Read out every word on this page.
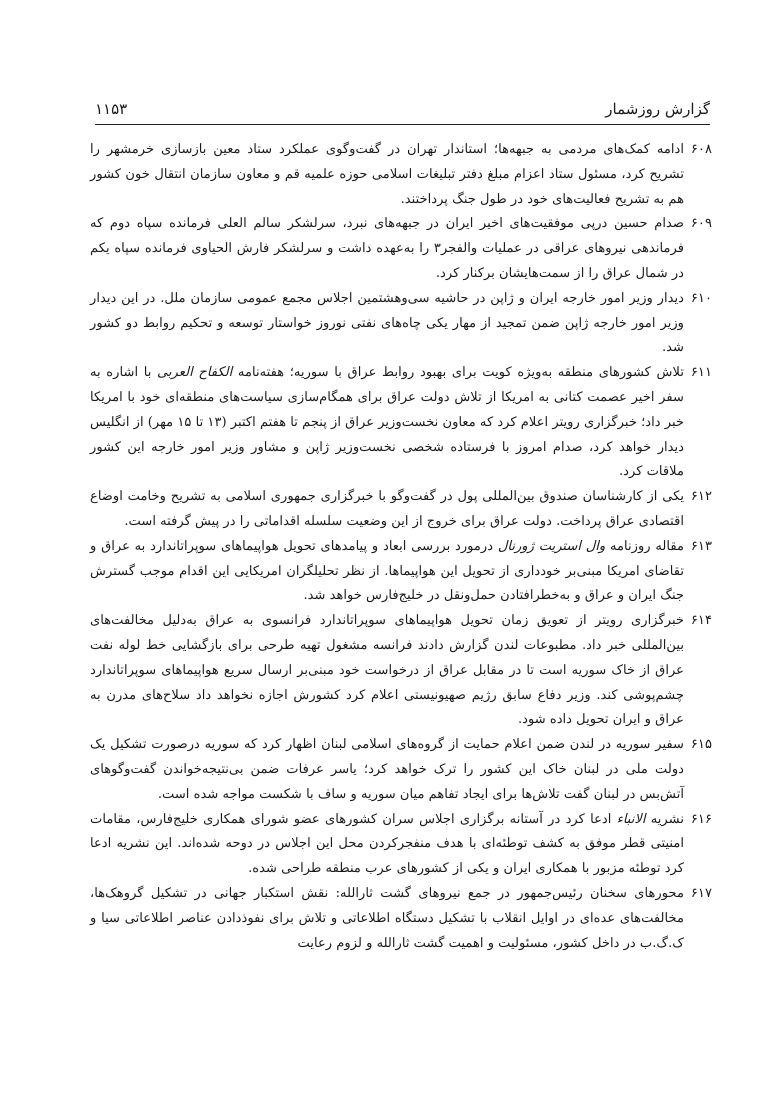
گزارش روزشمار
۱۱۵۳

۶۰۸
ادامه کمک‌های مردمی به جبهه‌ها؛ استاندار تهران در گفت‌وگوی عملکرد ستاد معین بازسازی خرمشهر را تشریح کرد، مسئول ستاد اعزام مبلغ دفتر تبلیغات اسلامی حوزه علمیه قم و معاون سازمان انتقال خون کشور هم به تشریح فعالیت‌های خود در طول جنگ پرداختند.

۶۰۹
صدام حسین درپی موفقیت‌های اخیر ایران در جبهه‌های نبرد، سرلشکر سالم العلی فرمانده سپاه دوم که فرماندهی نیروهای عراقی در عملیات والفجر۳ را به‌عهده داشت و سرلشکر فارش الحیاوی فرمانده سپاه یکم در شمال عراق را از سمت‌هایشان برکنار کرد.

۶۱۰
دیدار وزیر امور خارجه ایران و ژاپن در حاشیه سی‌وهشتمین اجلاس مجمع عمومی سازمان ملل. در این دیدار وزیر امور خارجه ژاپن ضمن تمجید از مهار یکی چاه‌های نفتی نوروز خواستار توسعه و تحکیم روابط دو کشور شد.

۶۱۱
تلاش کشورهای منطقه به‌ویژه کویت برای بهبود روابط عراق با سوریه؛ هفته‌نامه الکفاح العربی با اشاره به سفر اخیر عصمت کتانی به امریکا از تلاش دولت عراق برای همگام‌سازی سیاست‌های منطقه‌ای خود با امریکا خبر داد؛ خبرگزاری رویتر اعلام کرد که معاون نخست‌وزیر عراق از پنجم تا هفتم اکتبر (۱۳ تا ۱۵ مهر) از انگلیس دیدار خواهد کرد، صدام امروز با فرستاده شخصی نخست‌وزیر ژاپن و مشاور وزیر امور خارجه این کشور ملاقات کرد.

۶۱۲
یکی از کارشناسان صندوق بین‌المللی پول در گفت‌وگو با خبرگزاری جمهوری اسلامی به تشریح وخامت اوضاع اقتصادی عراق پرداخت. دولت عراق برای خروج از این وضعیت سلسله اقداماتی را در پیش گرفته است.

۶۱۳
مقاله روزنامه وال استریت ژورنال درمورد بررسی ابعاد و پیامدهای تحویل هواپیماهای سوپراتاندارد به عراق و تقاضای امریکا مبنی‌بر خودداری از تحویل این هواپیماها. از نظر تحلیلگران امریکایی این اقدام موجب گسترش جنگ ایران و عراق و به‌خطرافتادن حمل‌ونقل در خلیج‌فارس خواهد شد.

۶۱۴
خبرگزاری رویتر از تعویق زمان تحویل هواپیماهای سوپراتاندارد فرانسوی به عراق به‌دلیل مخالفت‌های بین‌المللی خبر داد. مطبوعات لندن گزارش دادند فرانسه مشغول تهیه طرحی برای بازگشایی خط لوله نفت عراق از خاک سوریه است تا در مقابل عراق از درخواست خود مبنی‌بر ارسال سریع هواپیماهای سوپراتاندارد چشم‌پوشی کند. وزیر دفاع سابق رژیم صهیونیستی اعلام کرد کشورش اجازه نخواهد داد سلاح‌های مدرن به عراق و ایران تحویل داده شود.

۶۱۵
سفیر سوریه در لندن ضمن اعلام حمایت از گروه‌های اسلامی لبنان اظهار کرد که سوریه درصورت تشکیل یک دولت ملی در لبنان خاک این کشور را ترک خواهد کرد؛ یاسر عرفات ضمن بی‌نتیجه‌خواندن گفت‌وگوهای آتش‌بس در لبنان گفت تلاش‌ها برای ایجاد تفاهم میان سوریه و ساف با شکست مواجه شده است.

۶۱۶
نشریه الانباء ادعا کرد در آستانه برگزاری اجلاس سران کشورهای عضو شورای همکاری خلیج‌فارس، مقامات امنیتی قطر موفق به کشف توطئه‌ای با هدف منفجرکردن محل این اجلاس در دوحه شده‌اند. این نشریه ادعا کرد توطئه مزبور با همکاری ایران و یکی از کشورهای عرب منطقه طراحی شده.

۶۱۷
محورهای سخنان رئیس‌جمهور در جمع نیروهای گشت ثارالله: نقش استکبار جهانی در تشکیل گروهک‌ها، مخالفت‌های عده‌ای در اوایل انقلاب با تشکیل دستگاه اطلاعاتی و تلاش برای نفوذدادن عناصر اطلاعاتی سیا و ک.گ.ب در داخل کشور، مسئولیت و اهمیت گشت ثارالله و لزوم رعایت
